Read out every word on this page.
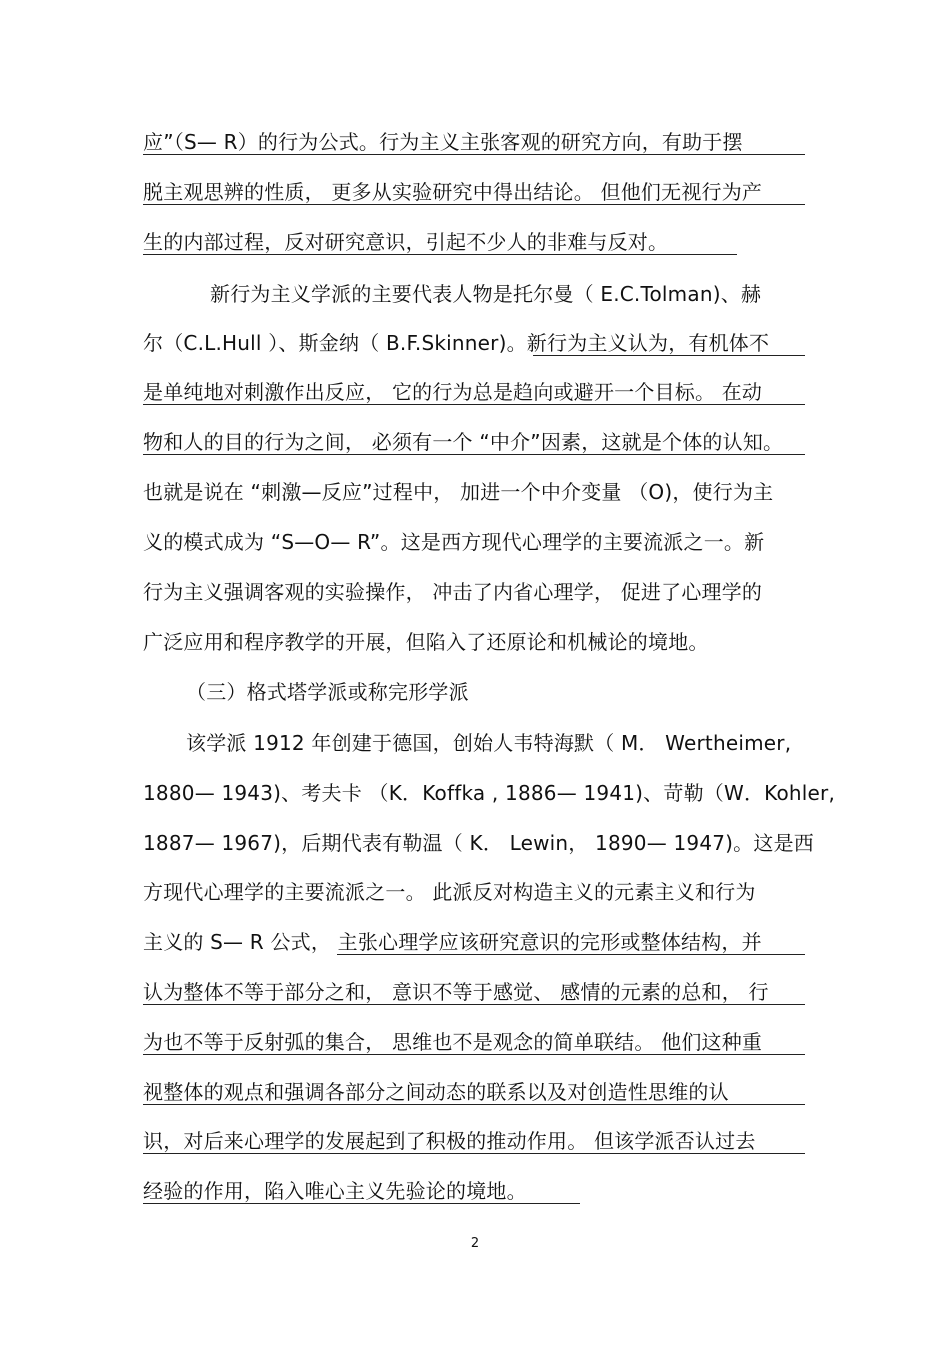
应”（S— R）的行为公式。行为主义主张客观的研究方向，有助于摆
脱主观思辨的性质， 更多从实验研究中得出结论。 但他们无视行为产
生的内部过程，反对研究意识，引起不少人的非难与反对。
新行为主义学派的主要代表人物是托尔曼（ E.C.Tolman)、赫
尔（C.L.Hull ）、斯金纳（ B.F.Skinner)。新行为主义认为，有机体不
是单纯地对刺激作出反应， 它的行为总是趋向或避开一个目标。 在动
物和人的目的行为之间， 必须有一个 “中介”因素，这就是个体的认知。
也就是说在 “刺激—反应”过程中， 加进一个中介变量 （O)，使行为主
义的模式成为 “S—O— R”。这是西方现代心理学的主要流派之一。新
行为主义强调客观的实验操作， 冲击了内省心理学， 促进了心理学的
广泛应用和程序教学的开展，但陷入了还原论和机械论的境地。
（三）格式塔学派或称完形学派
该学派 1912 年创建于德国，创始人韦特海默（ M． Wertheimer,
1880— 1943)、考夫卡 （K．Koffka , 1886— 1941)、苛勒（W．Kohler,
1887— 1967)，后期代表有勒温（ K． Lewin， 1890— 1947)。这是西
方现代心理学的主要流派之一。 此派反对构造主义的元素主义和行为
主义的 S— R 公式， 主张心理学应该研究意识的完形或整体结构，并
认为整体不等于部分之和， 意识不等于感觉、 感情的元素的总和， 行
为也不等于反射弧的集合， 思维也不是观念的简单联结。 他们这种重
视整体的观点和强调各部分之间动态的联系以及对创造性思维的认
识，对后来心理学的发展起到了积极的推动作用。 但该学派否认过去
经验的作用，陷入唯心主义先验论的境地。
2
